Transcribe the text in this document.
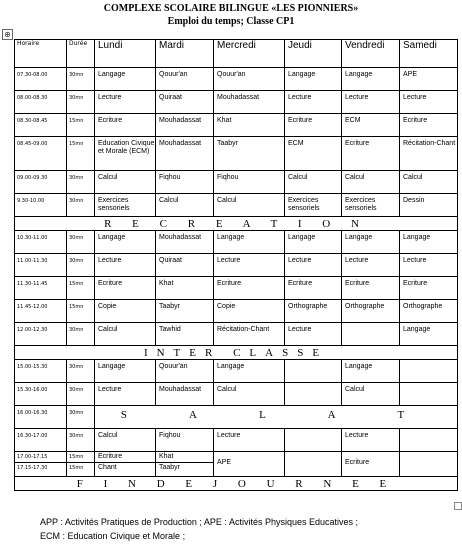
COMPLEXE SCOLAIRE BILINGUE «LES PIONNIERS»
Emploi du temps; Classe CP1
⊕
Horaire	Durée	Lundi	Mardi	Mercredi	Jeudi	Vendredi	Samedi
07.30-08.00	30mn	Langage	Qouur'an	Qouur'an	Langage	Langage	APE
08.00-08.30	30mn	Lecture	Quiraat	Mouhadassat	Lecture	Lecture	Lecture
08.30-08.45	15mn	Ecriture	Mouhadassat	Khat	Ecriture	ECM	Ecriture
08.45-09.00	15mn	Education Civique et Morale (ECM)	Mouhadassat	Taabyr	ECM	Ecriture	Récitation-Chant
09.00-09.30	30mn	Calcul	Fiqhou	Fiqhou	Calcul	Calcul	Calcul
9.30-10.00	30mn	Exercices sensoriels	Calcul	Calcul	Exercices sensoriels	Exercices sensoriels	Dessin
R E C R E A T I O N							
10.30-11.00	30mn	Langage	Mouhadassat	Langage	Langage	Langage	Langage
11.00-11.30	30mn	Lecture	Quiraat	Lecture	Lecture	Lecture	Lecture
11.30-11.45	15mn	Ecriture	Khat	Ecriture	Ecriture	Ecriture	Ecriture
11.45-12.00	15mn	Copie	Taabyr	Copie	Orthographe	Orthographe	Orthographe
12.00-12.30	30mn	Calcul	Tawhid	Récitation-Chant	Lecture		Langage
INTER CLASSE							
15.00-15.30	30mn	Langage	Qouur'an	Langage		Langage	
15.30-16.00	30mn	Lecture	Mouhadassat	Calcul		Calcul	
16.00-16.30	30mn	S A L A T					
16.30-17.00	30mn	Calcul	Fiqhou	Lecture		Lecture	
17.00-17.15	15mn	Ecriture	Khat	APE		Ecriture	
17.15-17.30	15mn	Chant	Taabyr				
F I N D E J O U R N E E							
APP : Activités Pratiques de Production ; APE : Activités Physiques Educatives ;
ECM : Education Civique et Morale ;
